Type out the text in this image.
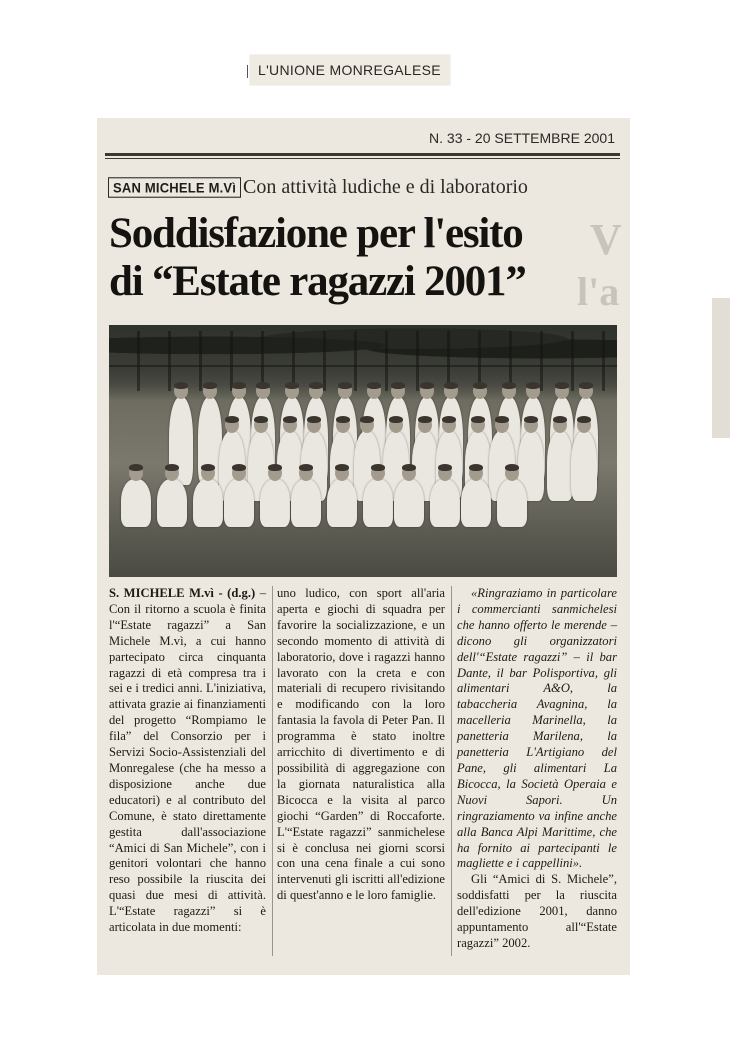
L'UNIONE MONREGALESE
V
l'a
N. 33 - 20 SETTEMBRE 2001
SAN MICHELE M.Vì Con attività ludiche e di laboratorio
Soddisfazione per l'esito
di “Estate ragazzi 2001”

S. MICHELE M.vì - (d.g.) – Con il ritorno a scuola è finita l'“Estate ragazzi” a San Michele M.vì, a cui hanno partecipato circa cinquanta ragazzi di età compresa tra i sei e i tredici anni. L'iniziativa, attivata grazie ai finanziamenti del progetto “Rompiamo le fila” del Consorzio per i Servizi Socio-Assistenziali del Monregalese (che ha messo a disposizione anche due educatori) e al contributo del Comune, è stato direttamente gestita dall'associazione “Amici di San Michele”, con i genitori volontari che hanno reso possibile la riuscita dei quasi due mesi di attività. L'“Estate ragazzi” si è articolata in due momenti:

uno ludico, con sport all'aria aperta e giochi di squadra per favorire la socializzazione, e un secondo momento di attività di laboratorio, dove i ragazzi hanno lavorato con la creta e con materiali di recupero rivisitando e modificando con la loro fantasia la favola di Peter Pan. Il programma è stato inoltre arricchito di divertimento e di possibilità di aggregazione con la giornata naturalistica alla Bicocca e la visita al parco giochi “Garden” di Roccaforte. L'“Estate ragazzi” sanmichelese si è conclusa nei giorni scorsi con una cena finale a cui sono intervenuti gli iscritti all'edizione di quest'anno e le loro famiglie.

«Ringraziamo in particolare i commercianti sanmichelesi che hanno offerto le merende – dicono gli organizzatori dell'“Estate ragazzi” – il bar Dante, il bar Polisportiva, gli alimentari A&O, la tabaccheria Avagnina, la macelleria Marinella, la panetteria Marilena, la panetteria L'Artigiano del Pane, gli alimentari La Bicocca, la Società Operaia e Nuovi Sapori. Un ringraziamento va infine anche alla Banca Alpi Marittime, che ha fornito ai partecipanti le magliette e i cappellini».

Gli “Amici di S. Michele”, soddisfatti per la riuscita dell'edizione 2001, danno appuntamento all'“Estate ragazzi” 2002.
